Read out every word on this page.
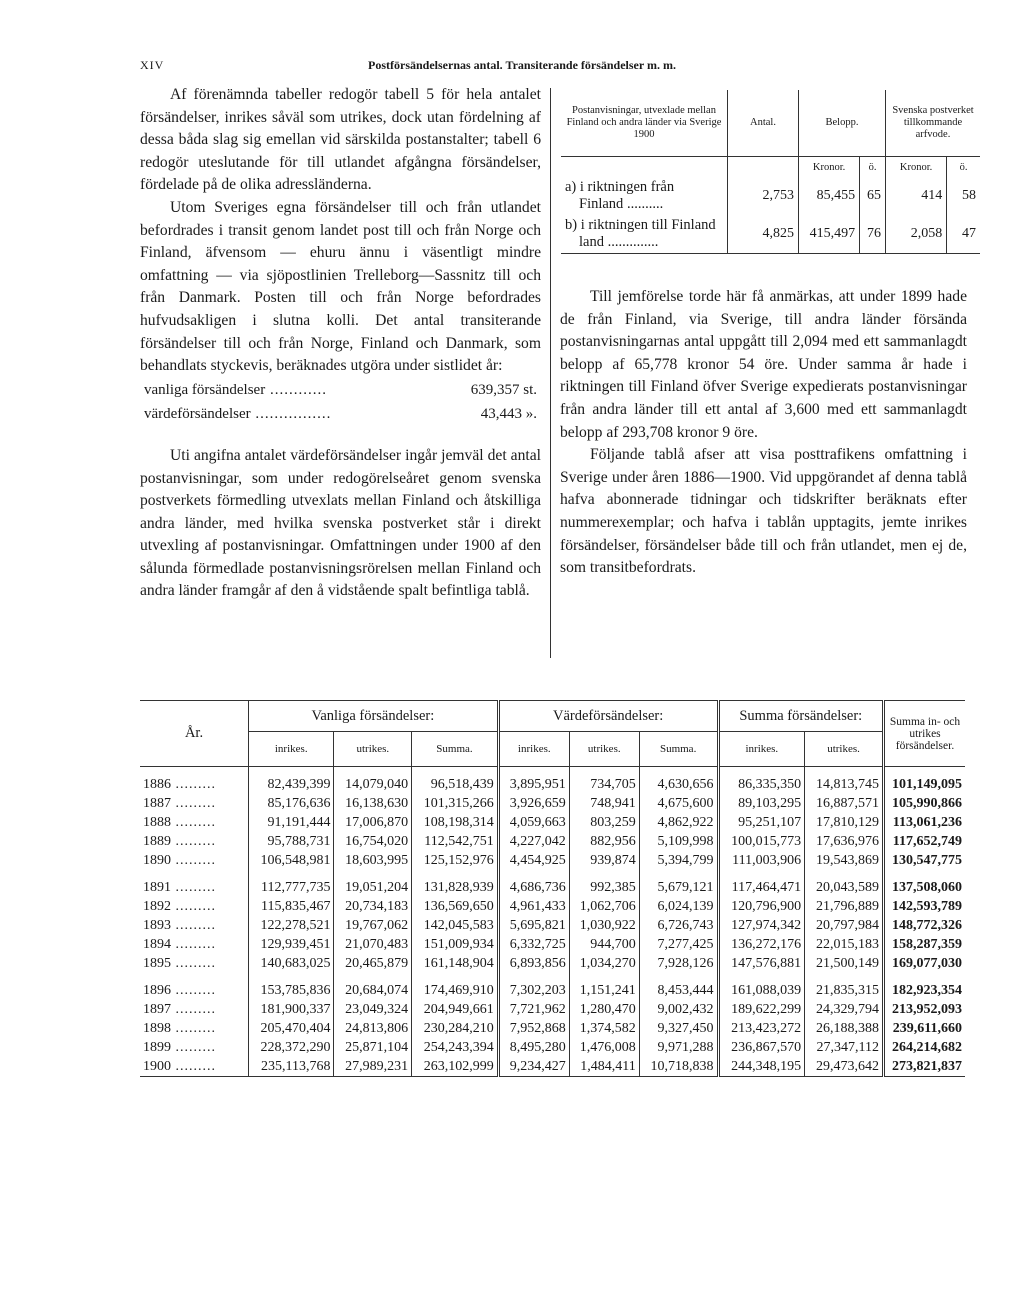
XIV	Postförsändelsernas antal. Transiterande försändelser m. m.

Af förenämnda tabeller redogör tabell 5 för hela antalet försändelser, inrikes såväl som utrikes, dock utan fördelning af dessa båda slag sig emellan vid särskilda postanstalter; tabell 6 redogör uteslutande för till utlandet afgångna försändelser, fördelade på de olika adressländerna.

Utom Sveriges egna försändelser till och från utlandet befordrades i transit genom landet post till och från Norge och Finland, äfvensom — ehuru ännu i väsentligt mindre omfattning — via sjöpostlinien Trelleborg—Sassnitz till och från Danmark. Posten till och från Norge befordrades hufvudsakligen i slutna kolli. Det antal transiterande försändelser till och från Norge, Finland och Danmark, som behandlats styckevis, beräknades utgöra under sistlidet år:

vanliga försändelser ............	639,357 st.
värdeförsändelser ................	43,443 ».

Uti angifna antalet värdeförsändelser ingår jemväl det antal postanvisningar, som under redogörelseåret genom svenska postverkets förmedling utvexlats mellan Finland och åtskilliga andra länder, med hvilka svenska postverket står i direkt utvexling af postanvisningar. Omfattningen under 1900 af den sålunda förmedlade postanvisningsrörelsen mellan Finland och andra länder framgår af den å vidstående spalt befintliga tablå.

Postanvisningar, utvexlade mellan Finland och andra länder via Sverige 1900	Antal.	Belopp.		Svenska postverket tillkommande arfvode.	
		Kronor.	ö.	Kronor.	ö.
a) i riktningen från
Finland ..........	2,753	85,455	65	414	58
b) i riktningen till Finland
land ..............	4,825	415,497	76	2,058	47

Till jemförelse torde här få anmärkas, att under 1899 hade de från Finland, via Sverige, till andra länder försända postanvisningarnas antal uppgått till 2,094 med ett sammanlagdt belopp af 65,778 kronor 54 öre. Under samma år hade i riktningen till Finland öfver Sverige expedierats postanvisningar från andra länder till ett antal af 3,600 med ett sammanlagdt belopp af 293,708 kronor 9 öre.

Följande tablå afser att visa posttrafikens omfattning i Sverige under åren 1886—1900. Vid uppgörandet af denna tablå hafva abonnerade tidningar och tidskrifter beräknats efter nummerexemplar; och hafva i tablån upptagits, jemte inrikes försändelser, försändelser både till och från utlandet, men ej de, som transitbefordrats.

År.	Vanliga försändelser:			Värdeförsändelser:			Summa försändelser:		Summa in- och utrikes försändelser.
	inrikes.	utrikes.	Summa.	inrikes.	utrikes.	Summa.	inrikes.	utrikes.	

1886 .........	82,439,399	14,079,040	96,518,439	3,895,951	734,705	4,630,656	86,335,350	14,813,745	101,149,095
1887 .........	85,176,636	16,138,630	101,315,266	3,926,659	748,941	4,675,600	89,103,295	16,887,571	105,990,866
1888 .........	91,191,444	17,006,870	108,198,314	4,059,663	803,259	4,862,922	95,251,107	17,810,129	113,061,236
1889 .........	95,788,731	16,754,020	112,542,751	4,227,042	882,956	5,109,998	100,015,773	17,636,976	117,652,749
1890 .........	106,548,981	18,603,995	125,152,976	4,454,925	939,874	5,394,799	111,003,906	19,543,869	130,547,775

1891 .........	112,777,735	19,051,204	131,828,939	4,686,736	992,385	5,679,121	117,464,471	20,043,589	137,508,060
1892 .........	115,835,467	20,734,183	136,569,650	4,961,433	1,062,706	6,024,139	120,796,900	21,796,889	142,593,789
1893 .........	122,278,521	19,767,062	142,045,583	5,695,821	1,030,922	6,726,743	127,974,342	20,797,984	148,772,326
1894 .........	129,939,451	21,070,483	151,009,934	6,332,725	944,700	7,277,425	136,272,176	22,015,183	158,287,359
1895 .........	140,683,025	20,465,879	161,148,904	6,893,856	1,034,270	7,928,126	147,576,881	21,500,149	169,077,030

1896 .........	153,785,836	20,684,074	174,469,910	7,302,203	1,151,241	8,453,444	161,088,039	21,835,315	182,923,354
1897 .........	181,900,337	23,049,324	204,949,661	7,721,962	1,280,470	9,002,432	189,622,299	24,329,794	213,952,093
1898 .........	205,470,404	24,813,806	230,284,210	7,952,868	1,374,582	9,327,450	213,423,272	26,188,388	239,611,660
1899 .........	228,372,290	25,871,104	254,243,394	8,495,280	1,476,008	9,971,288	236,867,570	27,347,112	264,214,682
1900 .........	235,113,768	27,989,231	263,102,999	9,234,427	1,484,411	10,718,838	244,348,195	29,473,642	273,821,837
